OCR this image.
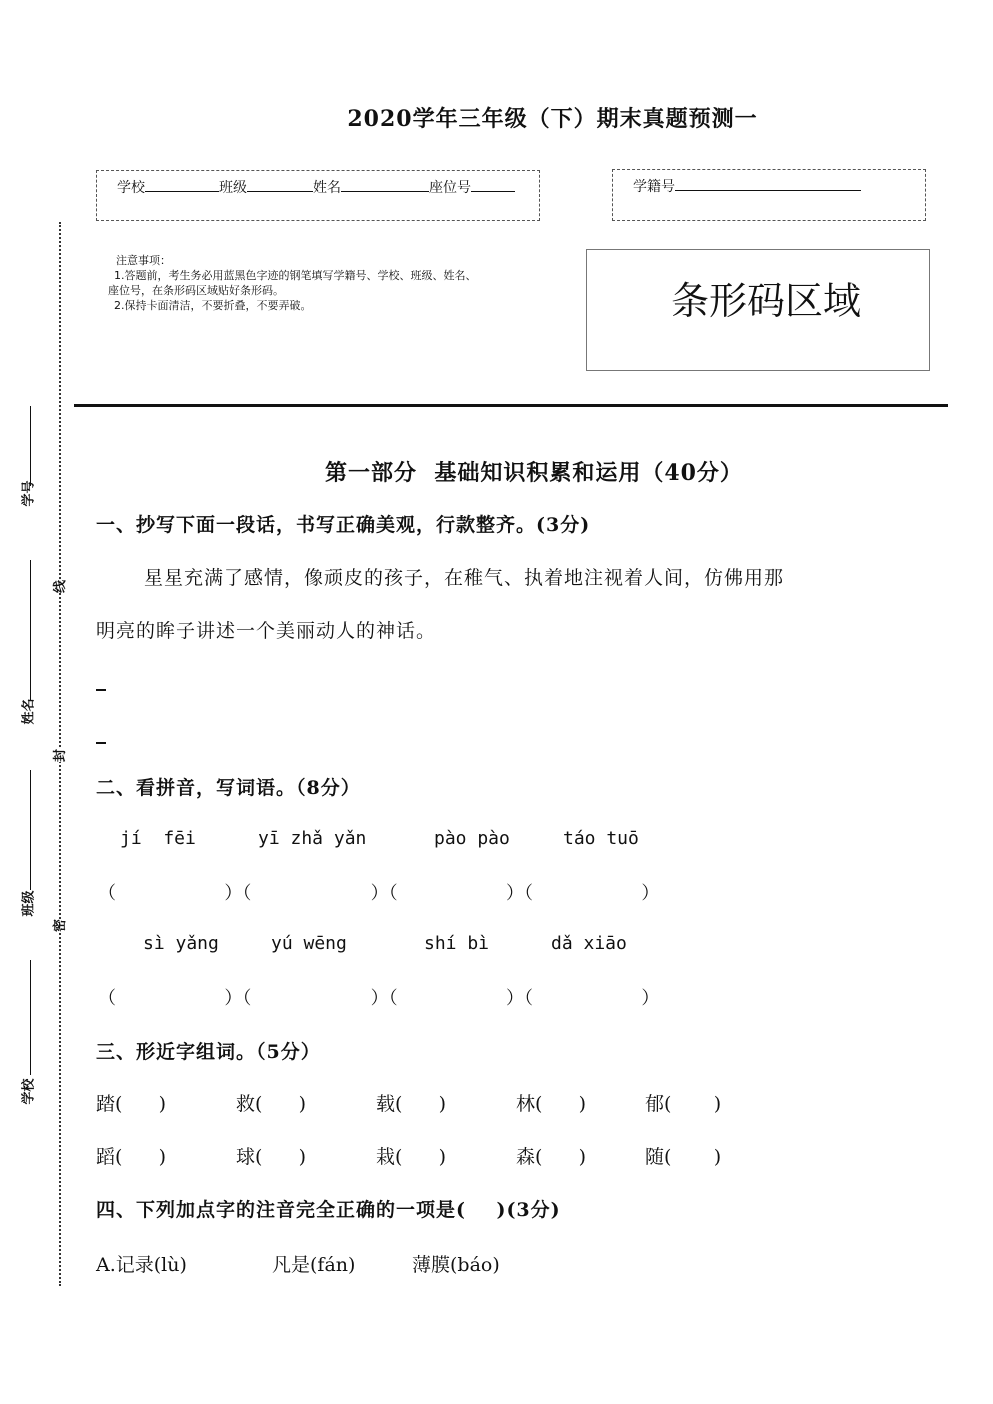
2020学年三年级（下）期末真题预测一
学校	班级	姓名	座位号	学籍号
注意事项：
1.答题前，考生务必用蓝黑色字迹的钢笔填写学籍号、学校、班级、姓名、
座位号，在条形码区域贴好条形码。
2.保持卡面清洁，不要折叠，不要弄破。	条形码区域
学号
姓名
班级
学校
线
封
密
第一部分  基础知识积累和运用（40分）
一、抄写下面一段话，书写正确美观，行款整齐。(3分)
星星充满了感情，像顽皮的孩子，在稚气、执着地注视着人间，仿佛用那
明亮的眸子讲述一个美丽动人的神话。
二、看拼音，写词语。（8分）
jí  fēi	yī zhǎ yǎn	pào pào	táo tuō
（          ）（           ）（          ）（          ）
sì yǎng	yú wēng	shí bì	dǎ xiāo
（          ）（           ）（          ）（          ）
三、形近字组词。（5分）
踏(      )	救(      )	载(      )	林(      )	郁(       )
蹈(      )	球(      )	栽(      )	森(      )	随(       )
四、下列加点字的注音完全正确的一项是(    )(3分)
A.记录(lù)	凡是(fán)	薄膜(báo)
